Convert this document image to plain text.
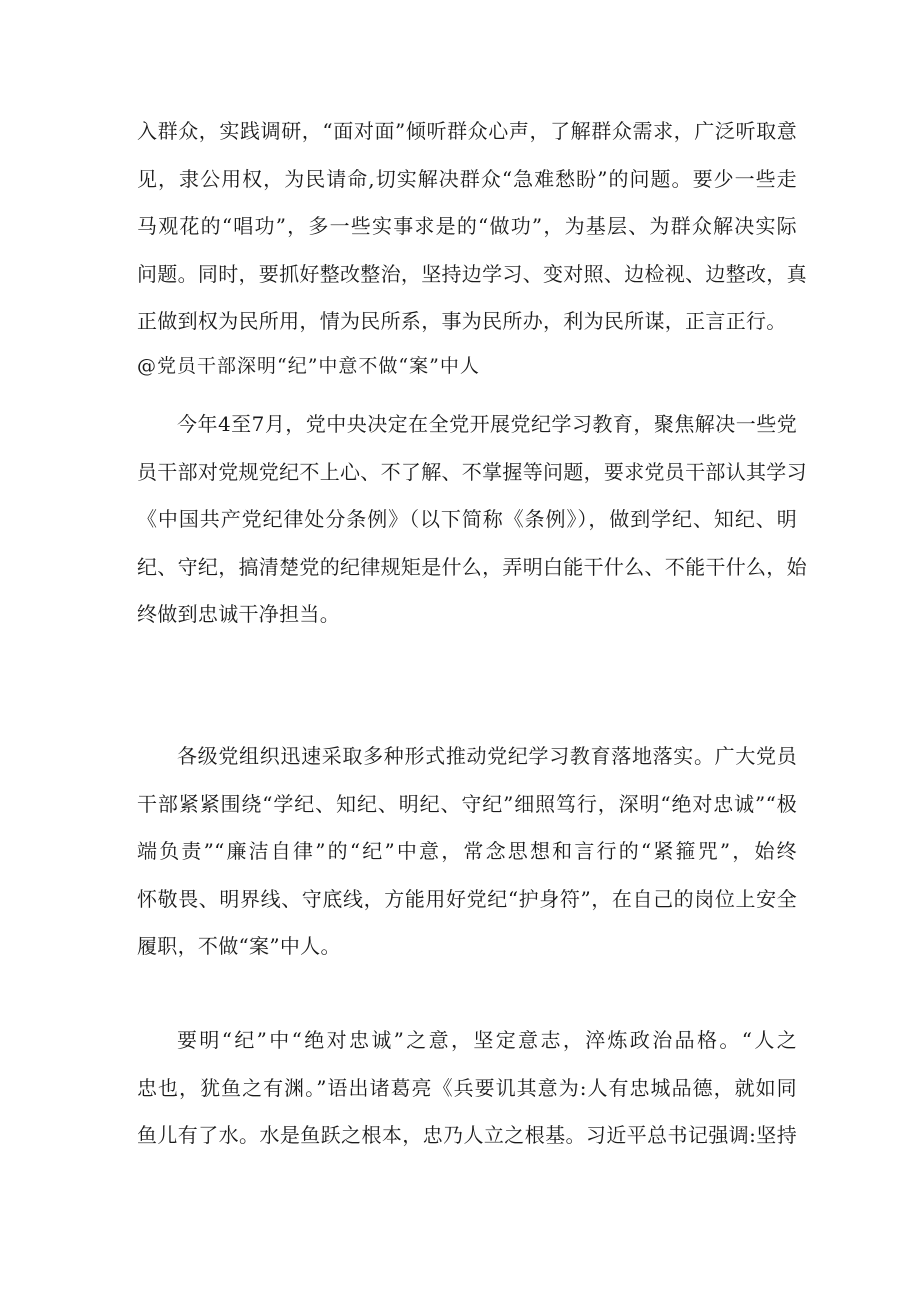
入群众，实践调研，“面对面”倾听群众心声，了解群众需求，广泛听取意
见，隶公用权，为民请命,切实解决群众“急难愁盼”的问题。要少一些走
马观花的“唱功”，多一些实事求是的“做功”，为基层、为群众解决实际
问题。同时，要抓好整改整治，坚持边学习、变对照、边检视、边整改，真
正做到权为民所用，情为民所系，事为民所办，利为民所谋，正言正行。
@党员干部深明“纪”中意不做“案”中人
今年4至7月，党中央决定在全党开展党纪学习教育，聚焦解决一些党
员干部对党规党纪不上心、不了解、不掌握等问题，要求党员干部认其学习
《中国共产党纪律处分条例》（以下简称《条例》），做到学纪、知纪、明
纪、守纪，搞清楚党的纪律规矩是什么，弄明白能干什么、不能干什么，始
终做到忠诚干净担当。
各级党组织迅速采取多种形式推动党纪学习教育落地落实。广大党员
干部紧紧围绕“学纪、知纪、明纪、守纪”细照笃行，深明“绝对忠诚”“极
端负责”“廉洁自律”的“纪”中意，常念思想和言行的“紧箍咒”，始终
怀敬畏、明界线、守底线，方能用好党纪“护身符”，在自己的岗位上安全
履职，不做“案”中人。
要明“纪”中“绝对忠诚”之意，坚定意志，淬炼政治品格。“人之
忠也，犹鱼之有渊。”语出诸葛亮《兵要讥其意为:人有忠城品德，就如同
鱼儿有了水。水是鱼跃之根本，忠乃人立之根基。习近平总书记强调:坚持
